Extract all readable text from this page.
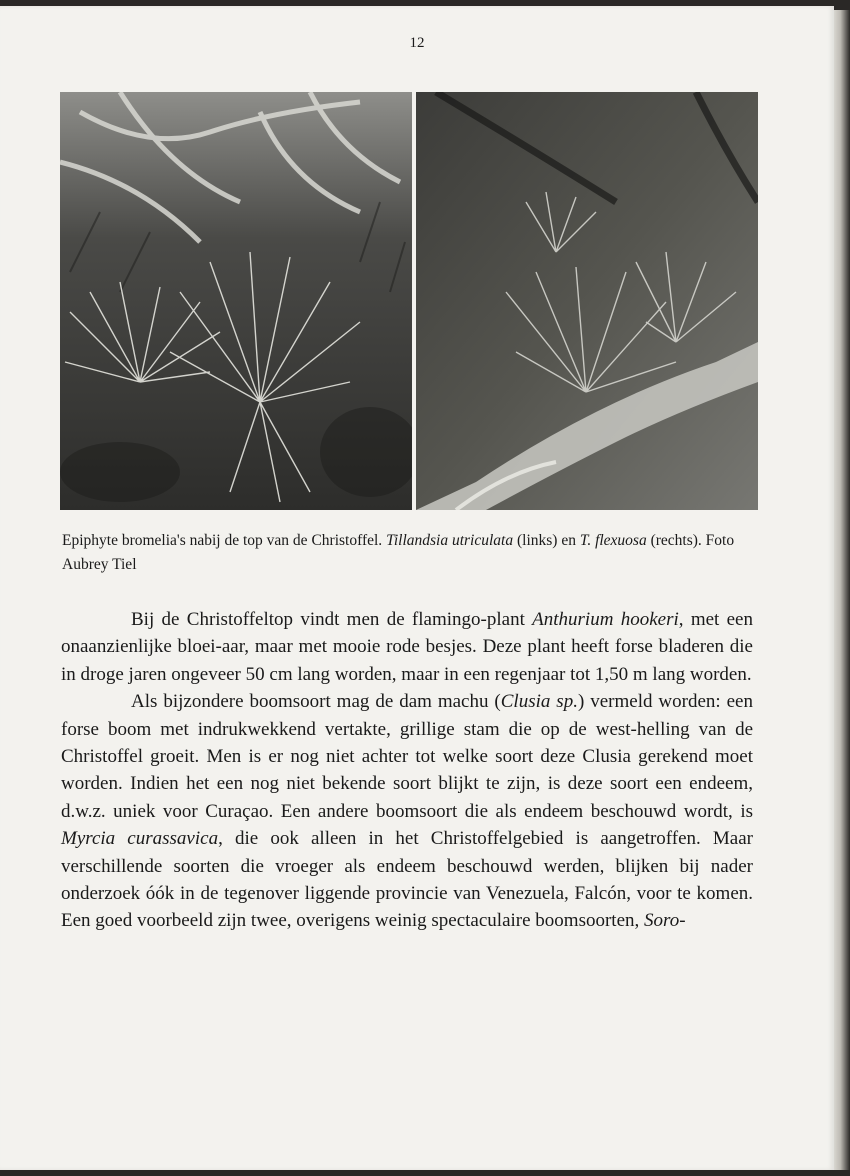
12
Epiphyte bromelia's nabij de top van de Christoffel. Tillandsia utriculata (links) en T. flexuosa (rechts). Foto Aubrey Tiel

Bij de Christoffeltop vindt men de flamingo-plant Anthurium hookeri, met een onaanzienlijke bloei-aar, maar met mooie rode besjes. Deze plant heeft forse bladeren die in droge jaren ongeveer 50 cm lang worden, maar in een regenjaar tot 1,50 m lang worden.

Als bijzondere boomsoort mag de dam machu (Clusia sp.) vermeld worden: een forse boom met indrukwekkend vertakte, grillige stam die op de west-helling van de Christoffel groeit. Men is er nog niet achter tot welke soort deze Clusia gerekend moet worden. Indien het een nog niet bekende soort blijkt te zijn, is deze soort een endeem, d.w.z. uniek voor Curaçao. Een andere boomsoort die als endeem beschouwd wordt, is Myrcia curassavica, die ook alleen in het Christoffelgebied is aangetroffen. Maar verschillende soorten die vroeger als endeem beschouwd werden, blijken bij nader onderzoek óók in de tegenover liggende provincie van Venezuela, Falcón, voor te komen. Een goed voorbeeld zijn twee, overigens weinig spectaculaire boomsoorten, Soro-
